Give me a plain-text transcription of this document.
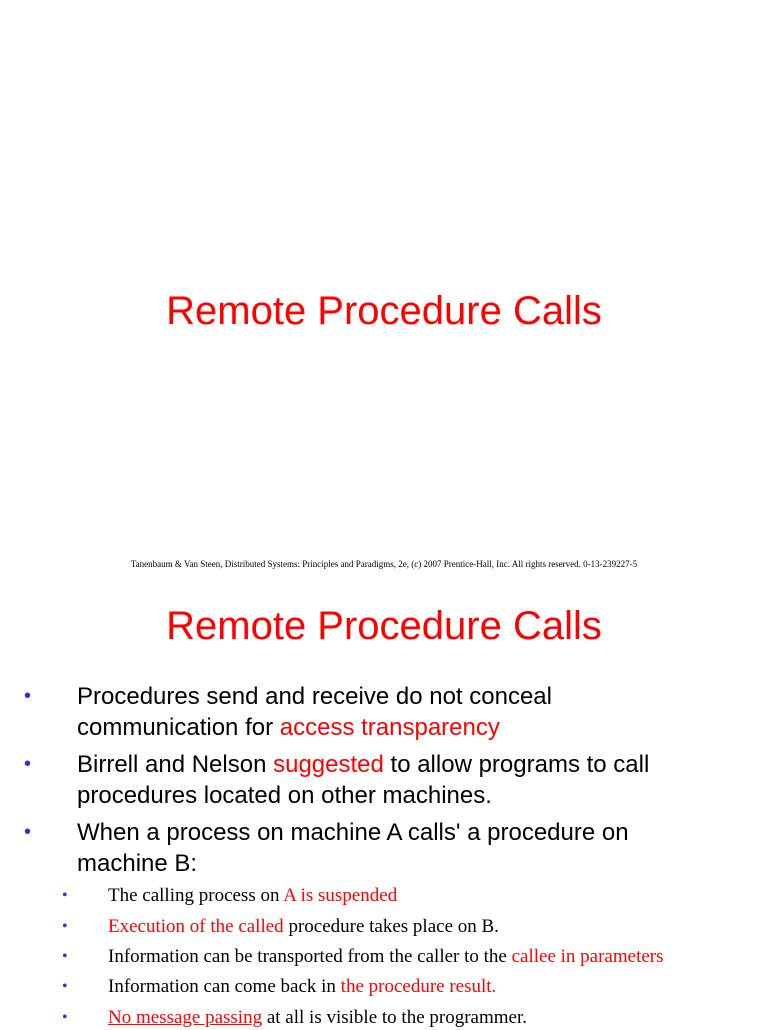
Remote Procedure Calls
Tanenbaum & Van Steen, Distributed Systems: Principles and Paradigms, 2e, (c) 2007 Prentice-Hall, Inc. All rights reserved. 0-13-239227-5
Remote Procedure Calls
• Procedures send and receive do not conceal
communication for access transparency
• Birrell and Nelson suggested to allow programs to call
procedures located on other machines.
• When a process on machine A calls' a procedure on
machine B:
• The calling process on A is suspended
• Execution of the called procedure takes place on B.
• Information can be transported from the caller to the callee in parameters
• Information can come back in the procedure result.
• No message passing at all is visible to the programmer.
